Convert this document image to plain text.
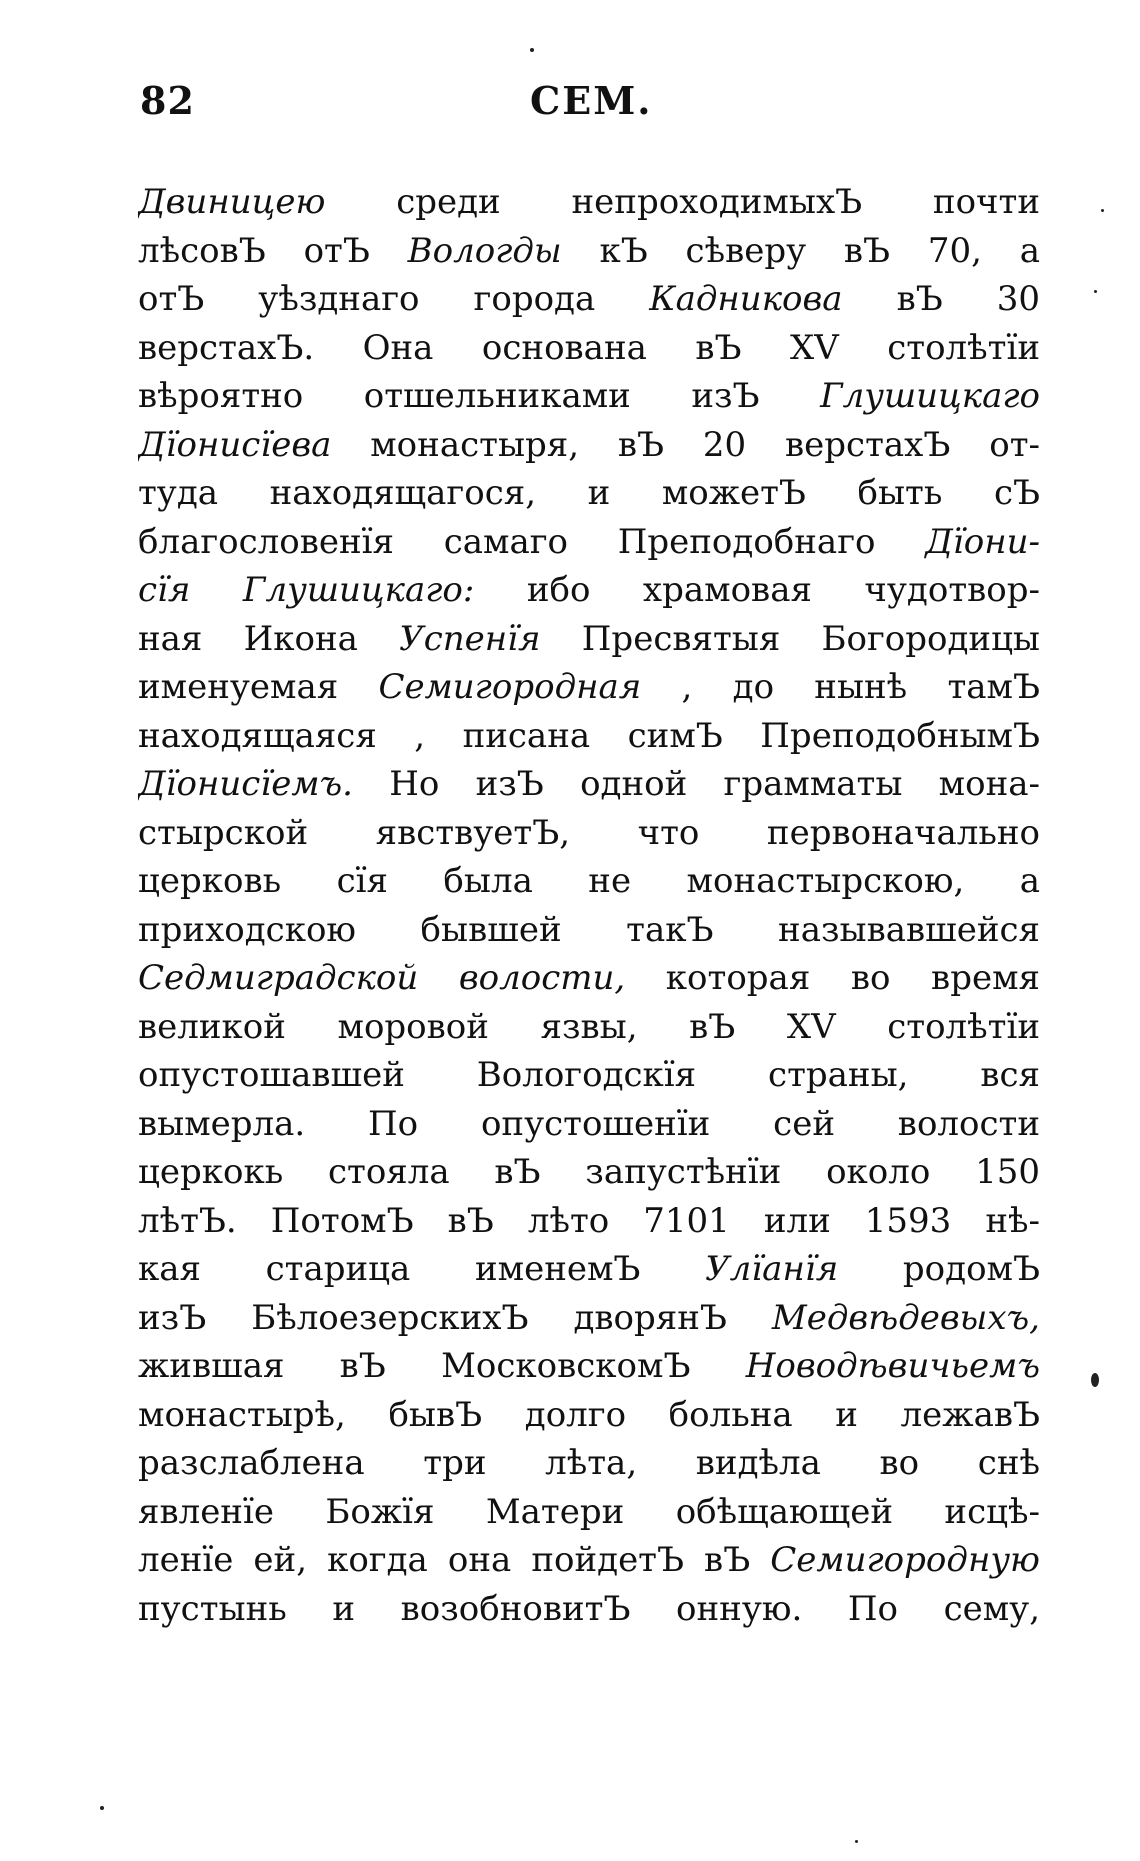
82	СЕМ.
Двиницею среди непроходимыхЪ почти
лѣсовЪ отЪ Вологды кЪ сѣверу вЪ 70, а
отЪ уѣзднаго города Кадникова вЪ 30
верстахЪ. Она основана вЪ XV столѣтїи
вѣроятно отшельниками изЪ Глушицкаго
Дїонисїева монастыря, вЪ 20 верстахЪ от-
туда находящагося, и можетЪ быть сЪ
благословенїя самаго Преподобнаго Дїони-
сїя Глушицкаго: ибо храмовая чудотвор-
ная Икона Успенїя Пресвятыя Богородицы
именуемая Семигородная , до нынѣ тамЪ
находящаяся , писана симЪ ПреподобнымЪ
Дїонисїемъ. Но изЪ одной грамматы мона-
стырской явствуетЪ, что первоначально
церковь сїя была не монастырскою, а
приходскою бывшей такЪ называвшейся
Седмиградской волости, которая во время
великой моровой язвы, вЪ XV столѣтїи
опустошавшей Вологодскїя страны, вся
вымерла. По опустошенїи сей волости
церкокь стояла вЪ запустѣнїи около 150
лѣтЪ. ПотомЪ вЪ лѣто 7101 или 1593 нѣ-
кая старица именемЪ Улїанїя родомЪ
изЪ БѣлоезерскихЪ дворянЪ Медвѣдевыхъ,
жившая вЪ МосковскомЪ Новодѣвичьемъ
монастырѣ, бывЪ долго больна и лежавЪ
разслаблена три лѣта, видѣла во снѣ
явленїе Божїя Матери обѣщающей исцѣ-
ленїе ей, когда она пойдетЪ вЪ Семигородную
пустынь и возобновитЪ онную. По сему,
